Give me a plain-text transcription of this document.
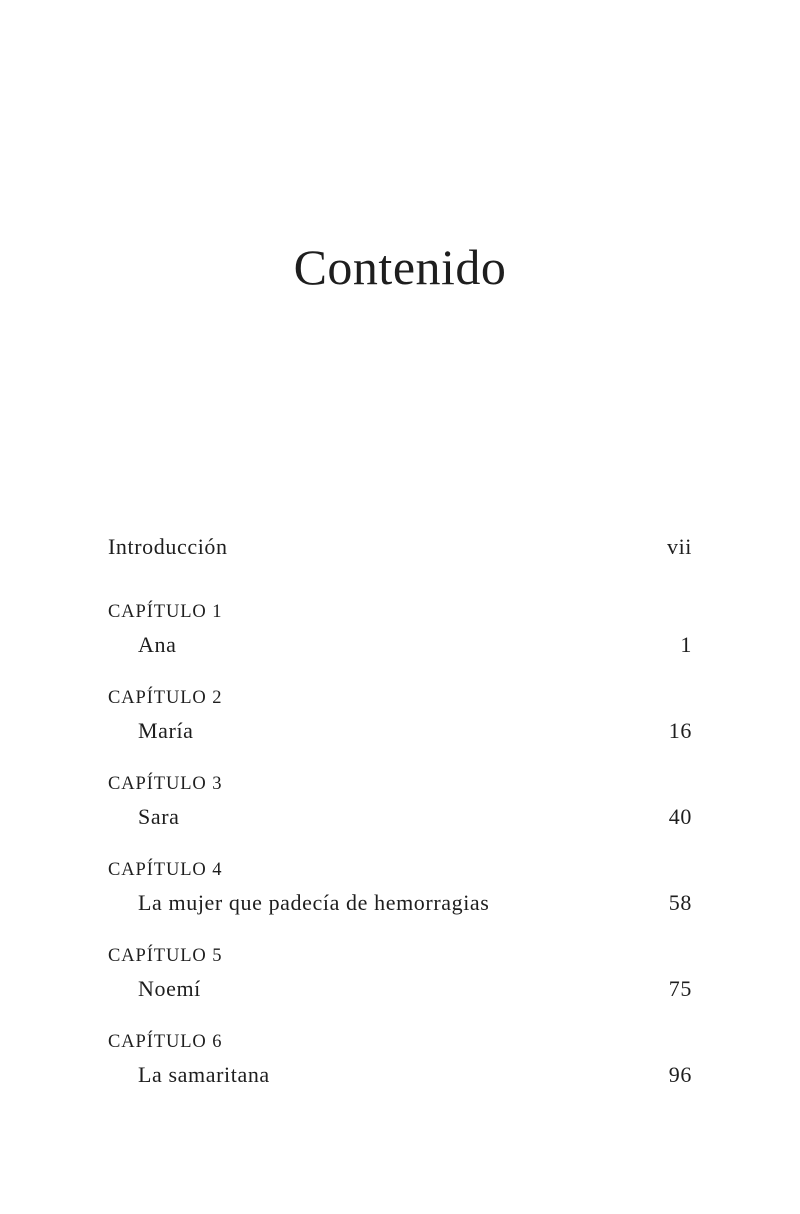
Contenido
Introducción	vii
CAPÍTULO 1
Ana	1
CAPÍTULO 2
María	16
CAPÍTULO 3
Sara	40
CAPÍTULO 4
La mujer que padecía de hemorragias	58
CAPÍTULO 5
Noemí	75
CAPÍTULO 6
La samaritana	96
